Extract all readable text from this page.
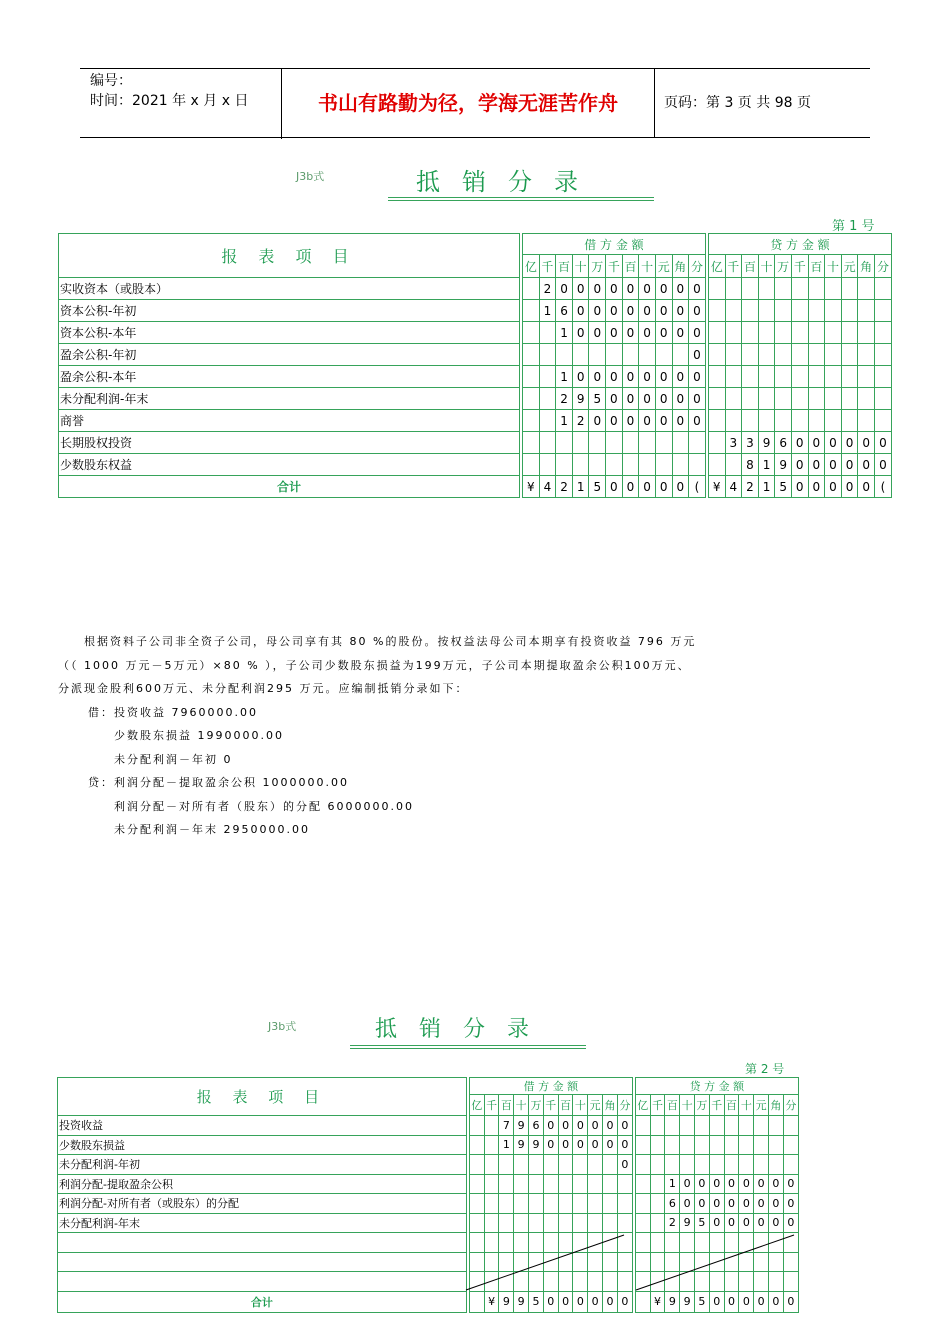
编号：
时间：2021 年 x 月 x 日	书山有路勤为径，学海无涯苦作舟	页码：第 3 页 共 98 页
J3b式	抵销分录
第 1 号
报 表 项 目		借 方 金 额												贷 方 金 额										
		亿	千	百	十	万	千	百	十	元	角	分		亿	千	百	十	万	千	百	十	元	角	分
实收资本（或股本）			2	0	0	0	0	0	0	0	0	0												
资本公积-年初			1	6	0	0	0	0	0	0	0	0												
资本公积-本年				1	0	0	0	0	0	0	0	0												
盈余公积-年初												0												
盈余公积-本年				1	0	0	0	0	0	0	0	0												
未分配利润-年末				2	9	5	0	0	0	0	0	0												
商誉				1	2	0	0	0	0	0	0	0												
长期股权投资															3	3	9	6	0	0	0	0	0	0
少数股东权益																8	1	9	0	0	0	0	0	0
合计		¥	4	2	1	5	0	0	0	0	0	(		¥	4	2	1	5	0	0	0	0	0	(

　　根据资料子公司非全资子公司，母公司享有其 80 %的股份。按权益法母公司本期享有投资收益 796 万元

（（ 1000 万元－5万元）×80 % ），子公司少数股东损益为199万元，子公司本期提取盈余公积100万元、

分派现金股利600万元、未分配利润295 万元。应编制抵销分录如下：

借：投资收益 7960000.00

　　少数股东损益 1990000.00

　　未分配利润－年初 0

贷：利润分配－提取盈余公积 1000000.00

　　利润分配－对所有者（股东）的分配 6000000.00

　　未分配利润－年末 2950000.00

J3b式	抵销分录
第 2 号
报 表 项 目		借 方 金 额												贷 方 金 额										
		亿	千	百	十	万	千	百	十	元	角	分		亿	千	百	十	万	千	百	十	元	角	分
投资收益				7	9	6	0	0	0	0	0	0												
少数股东损益				1	9	9	0	0	0	0	0	0												
未分配利润-年初												0												
利润分配-提取盈余公积																1	0	0	0	0	0	0	0	0
利润分配-对所有者（或股东）的分配																6	0	0	0	0	0	0	0	0
未分配利润-年末																2	9	5	0	0	0	0	0	0

合计			¥	9	9	5	0	0	0	0	0	0			¥	9	9	5	0	0	0	0	0	0
